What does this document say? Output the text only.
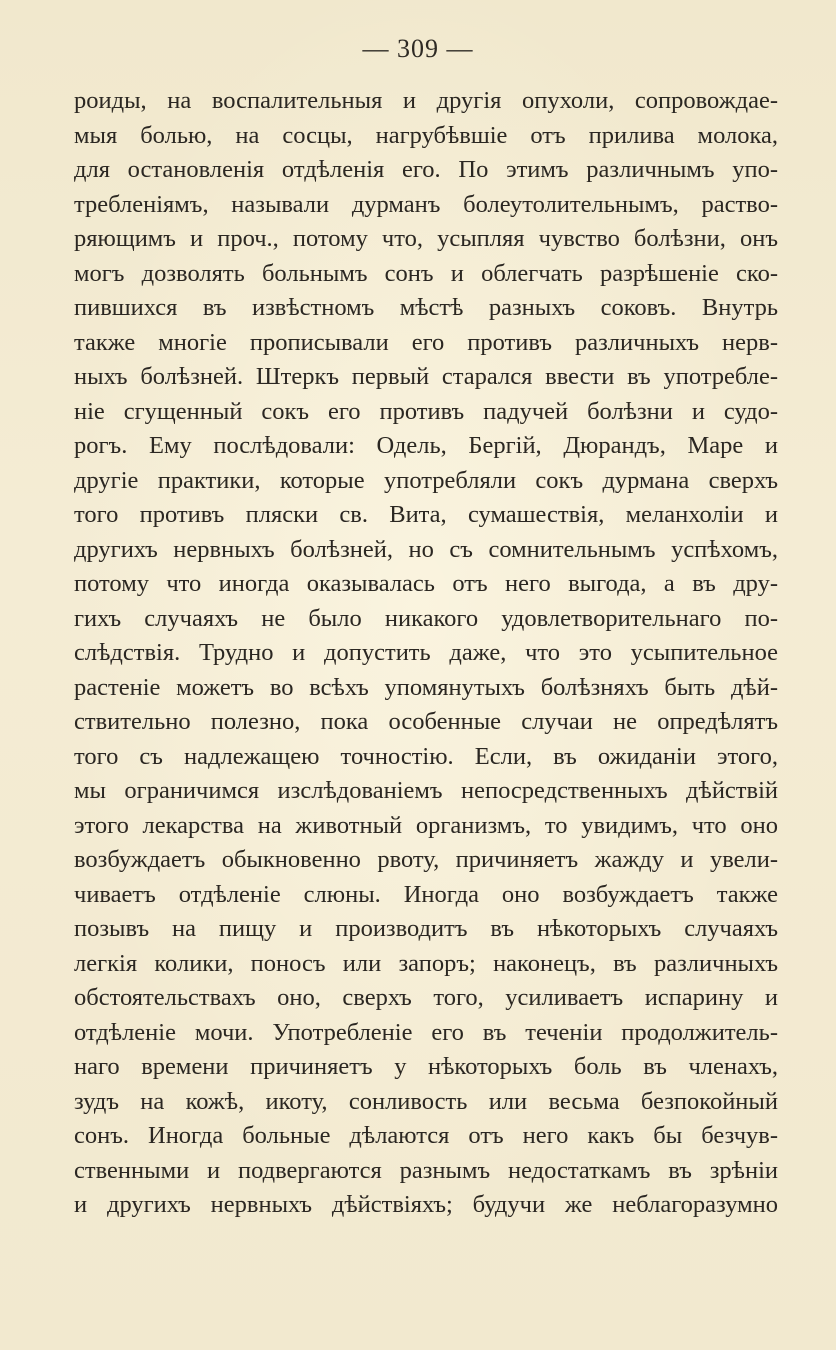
— 309 —
роиды, на воспалительныя и другія опухоли, сопровождае-
мыя болью, на сосцы, нагрубѣвшіе отъ прилива молока,
для остановленія отдѣленія его. По этимъ различнымъ упо-
требленіямъ, называли дурманъ болеутолительнымъ, раство-
ряющимъ и проч., потому что, усыпляя чувство болѣзни, онъ
могъ дозволять больнымъ сонъ и облегчать разрѣшеніе ско-
пившихся въ извѣстномъ мѣстѣ разныхъ соковъ. Внутрь
также многіе прописывали его противъ различныхъ нерв-
ныхъ болѣзней. Штеркъ первый старался ввести въ употребле-
ніе сгущенный сокъ его противъ падучей болѣзни и судо-
рогъ. Ему послѣдовали: Одель, Бергій, Дюрандъ, Маре и
другіе практики, которые употребляли сокъ дурмана сверхъ
того противъ пляски св. Вита, сумашествія, меланхоліи и
другихъ нервныхъ болѣзней, но съ сомнительнымъ успѣхомъ,
потому что иногда оказывалась отъ него выгода, а въ дру-
гихъ случаяхъ не было никакого удовлетворительнаго по-
слѣдствія. Трудно и допустить даже, что это усыпительное
растеніе можетъ во всѣхъ упомянутыхъ болѣзняхъ быть дѣй-
ствительно полезно, пока особенные случаи не опредѣлятъ
того съ надлежащею точностію. Если, въ ожиданіи этого,
мы ограничимся изслѣдованіемъ непосредственныхъ дѣйствій
этого лекарства на животный организмъ, то увидимъ, что оно
возбуждаетъ обыкновенно рвоту, причиняетъ жажду и увели-
чиваетъ отдѣленіе слюны. Иногда оно возбуждаетъ также
позывъ на пищу и производитъ въ нѣкоторыхъ случаяхъ
легкія колики, поносъ или запоръ; наконецъ, въ различныхъ
обстоятельствахъ оно, сверхъ того, усиливаетъ испарину и
отдѣленіе мочи. Употребленіе его въ теченіи продолжитель-
наго времени причиняетъ у нѣкоторыхъ боль въ членахъ,
зудъ на кожѣ, икоту, сонливость или весьма безпокойный
сонъ. Иногда больные дѣлаются отъ него какъ бы безчув-
ственными и подвергаются разнымъ недостаткамъ въ зрѣніи
и другихъ нервныхъ дѣйствіяхъ; будучи же неблагоразумно
